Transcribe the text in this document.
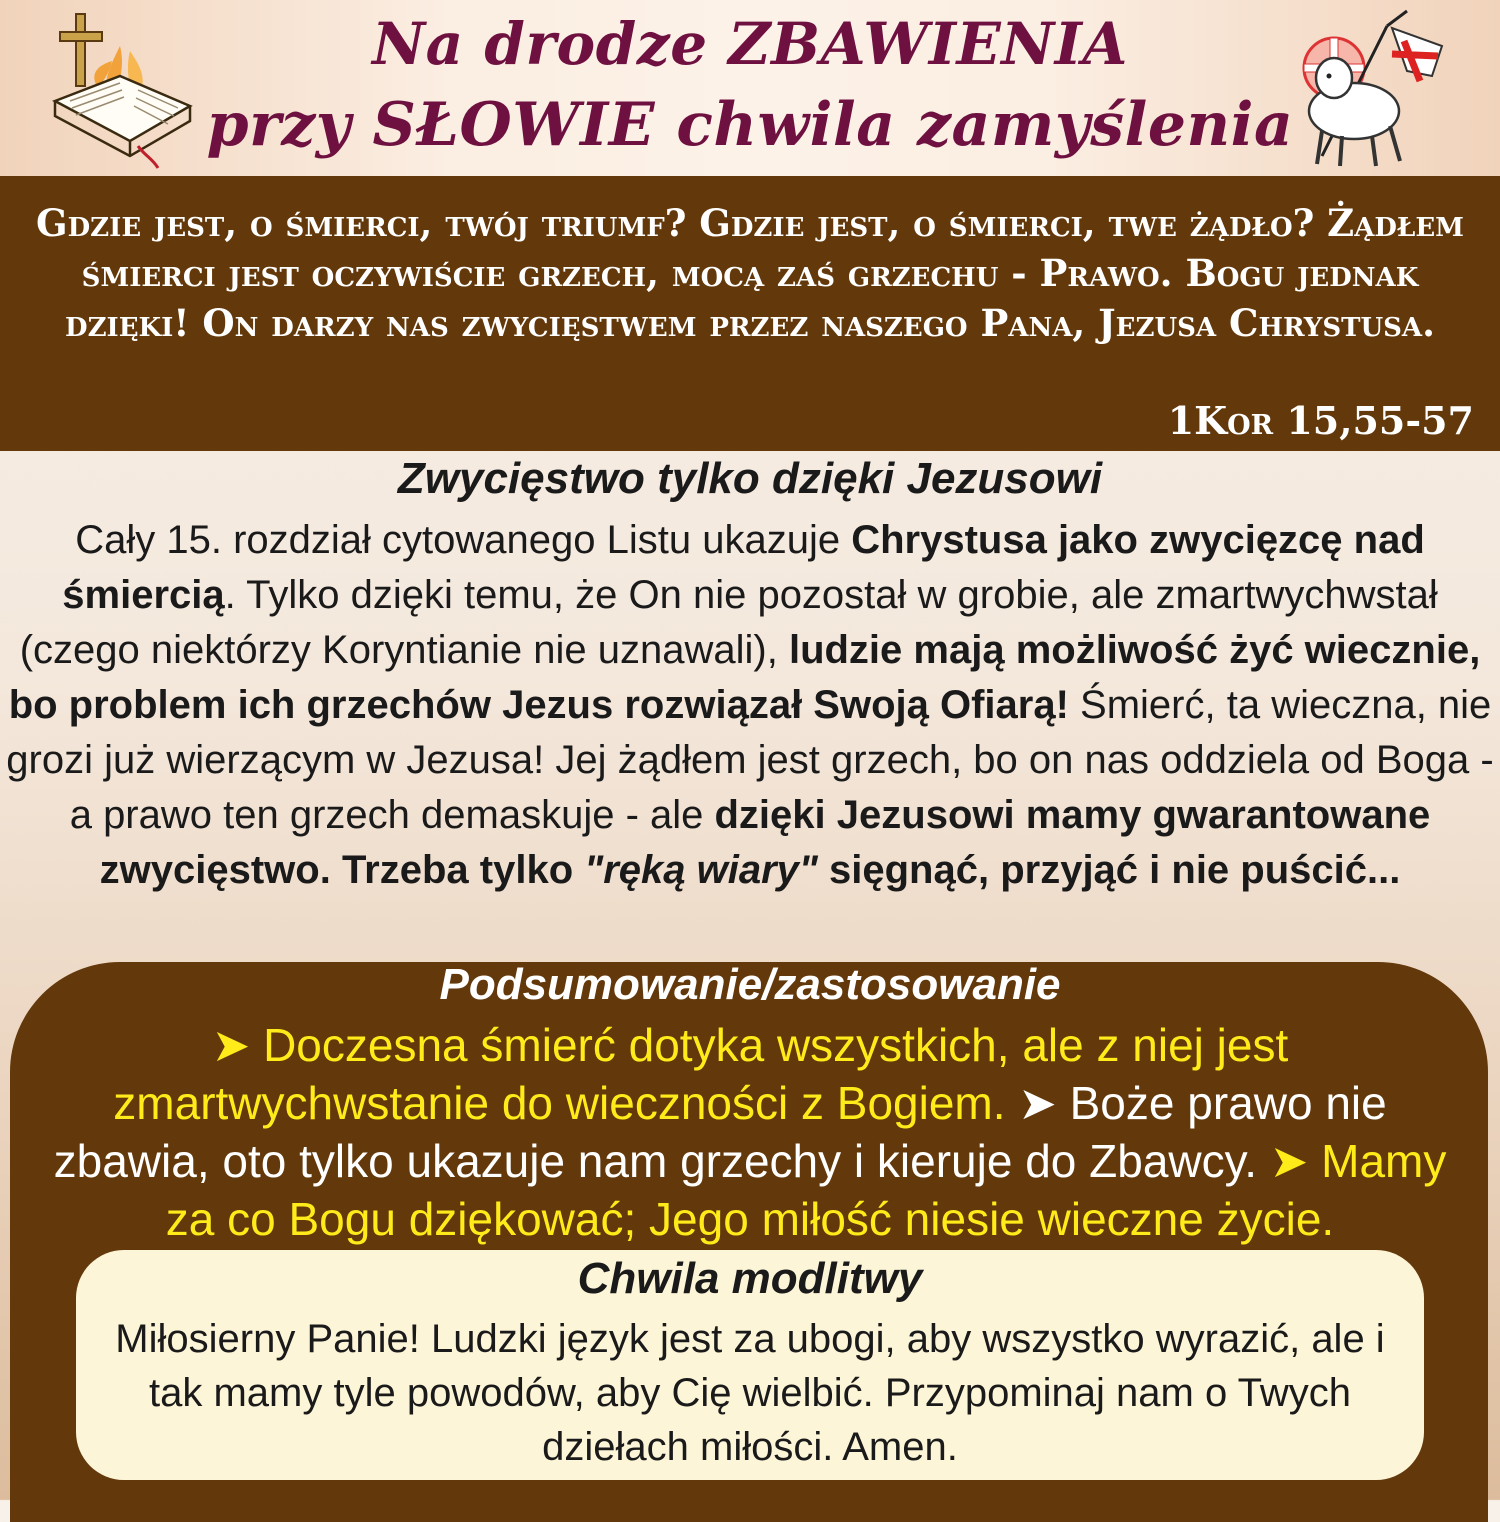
Na drodze ZBAWIENIA
przy SŁOWIE chwila zamyślenia
Gdzie jest, o śmierci, twój triumf? Gdzie jest, o śmierci, twe żądło? Żądłem śmierci jest oczywiście grzech, mocą zaś grzechu - Prawo. Bogu jednak dzięki! On darzy nas zwycięstwem przez naszego Pana, Jezusa Chrystusa.
1Kor 15,55-57
Zwycięstwo tylko dzięki Jezusowi
Cały 15. rozdział cytowanego Listu ukazuje Chrystusa jako zwycięzcę nad śmiercią. Tylko dzięki temu, że On nie pozostał w grobie, ale zmartwychwstał (czego niektórzy Koryntianie nie uznawali), ludzie mają możliwość żyć wiecznie, bo problem ich grzechów Jezus rozwiązał Swoją Ofiarą! Śmierć, ta wieczna, nie grozi już wierzącym w Jezusa! Jej żądłem jest grzech, bo on nas oddziela od Boga - a prawo ten grzech demaskuje - ale dzięki Jezusowi mamy gwarantowane zwycięstwo. Trzeba tylko "ręką wiary" sięgnąć, przyjąć i nie puścić...
Podsumowanie/zastosowanie
➤ Doczesna śmierć dotyka wszystkich, ale z niej jest zmartwychwstanie do wieczności z Bogiem. ➤ Boże prawo nie zbawia, oto tylko ukazuje nam grzechy i kieruje do Zbawcy. ➤ Mamy za co Bogu dziękować; Jego miłość niesie wieczne życie.
Chwila modlitwy
Miłosierny Panie! Ludzki język jest za ubogi, aby wszystko wyrazić, ale i tak mamy tyle powodów, aby Cię wielbić. Przypominaj nam o Twych dziełach miłości. Amen.
